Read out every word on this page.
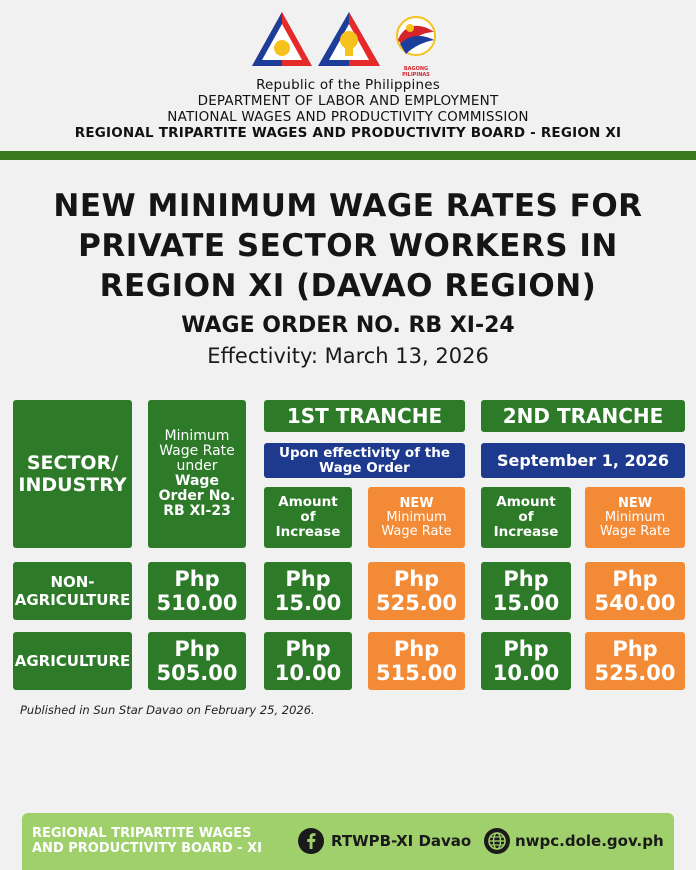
BAGONG PILIPINAS
Republic of the Philippines
DEPARTMENT OF LABOR AND EMPLOYMENT
NATIONAL WAGES AND PRODUCTIVITY COMMISSION
REGIONAL TRIPARTITE WAGES AND PRODUCTIVITY BOARD - REGION XI
NEW MINIMUM WAGE RATES FOR
PRIVATE SECTOR WORKERS IN
REGION XI (DAVAO REGION)
WAGE ORDER NO. RB XI-24
Effectivity: March 13, 2026
SECTOR/
INDUSTRY
Minimum
Wage Rate
under
Wage
Order No.
RB XI-23
1ST TRANCHE
Upon effectivity of the
Wage Order
Amount
of
Increase
NEW
Minimum
Wage Rate
2ND TRANCHE
September 1, 2026
Amount
of
Increase
NEW
Minimum
Wage Rate
NON-
AGRICULTURE
Php
510.00
Php
15.00
Php
525.00
Php
15.00
Php
540.00
AGRICULTURE Php
505.00
Php
10.00
Php
515.00
Php
10.00
Php
525.00
Published in Sun Star Davao on February 25, 2026.
REGIONAL TRIPARTITE WAGES
AND PRODUCTIVITY BOARD - XI	RTWPB-XI Davao	nwpc.dole.gov.ph
